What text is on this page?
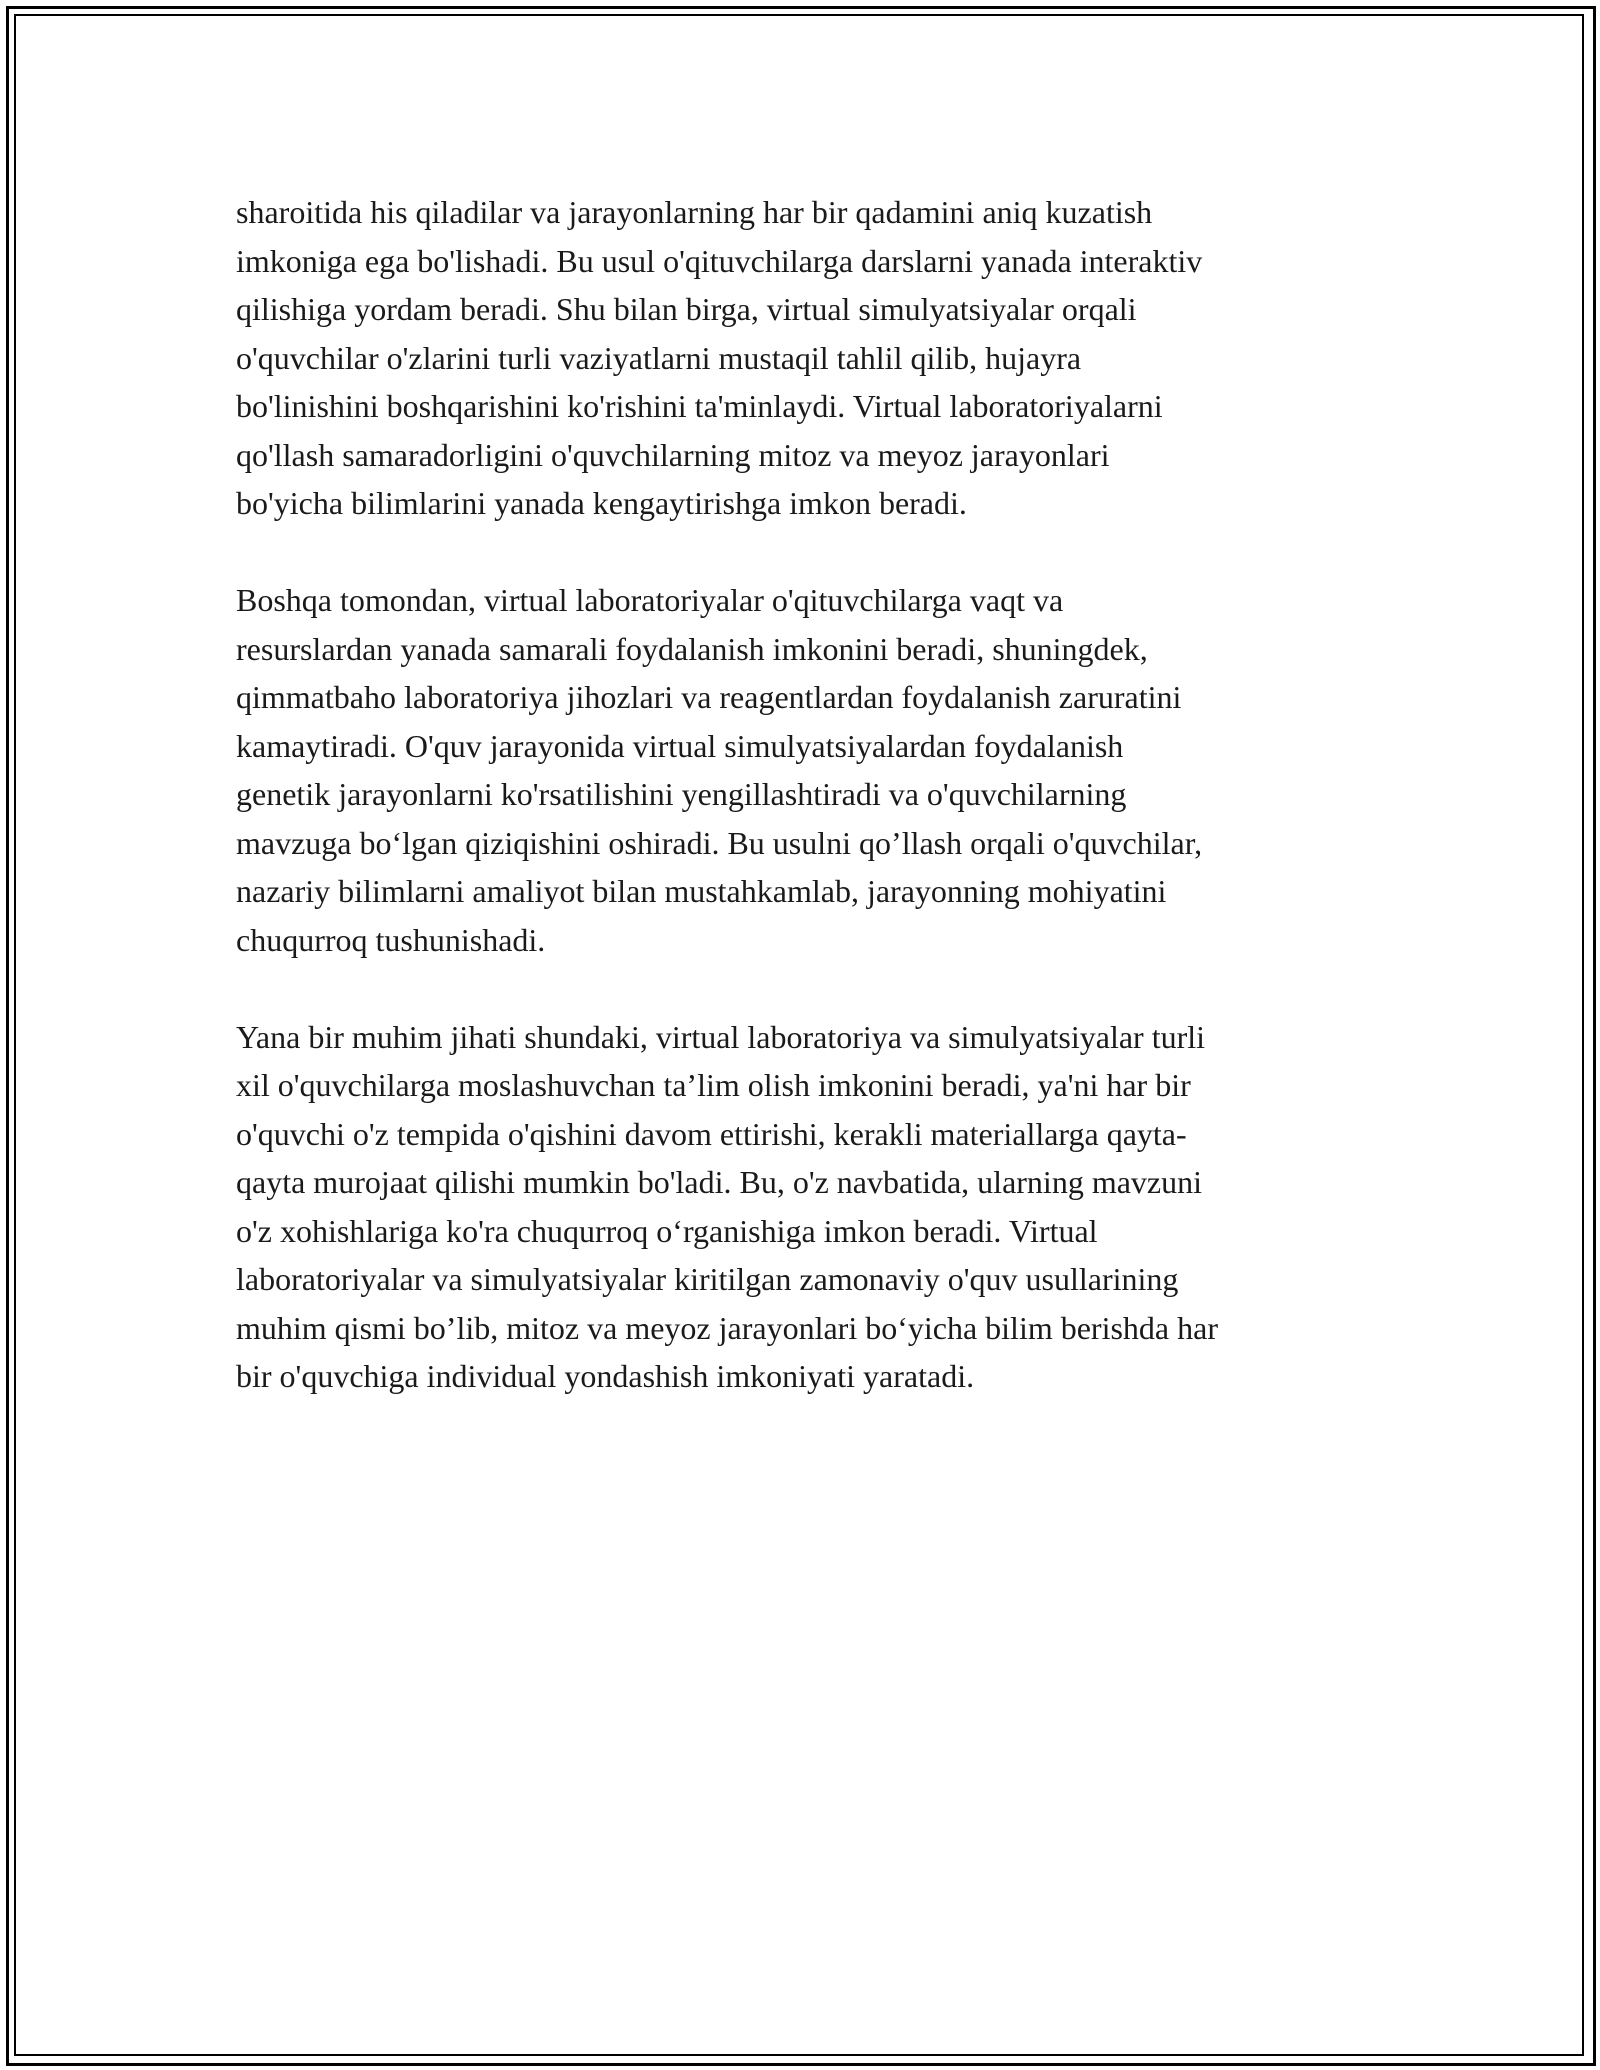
sharoitida his qiladilar va jarayonlarning har bir qadamini aniq kuzatish
imkoniga ega bo'lishadi. Bu usul o'qituvchilarga darslarni yanada interaktiv
qilishiga yordam beradi. Shu bilan birga, virtual simulyatsiyalar orqali
o'quvchilar o'zlarini turli vaziyatlarni mustaqil tahlil qilib, hujayra
bo'linishini boshqarishini ko'rishini ta'minlaydi. Virtual laboratoriyalarni
qo'llash samaradorligini o'quvchilarning mitoz va meyoz jarayonlari
bo'yicha bilimlarini yanada kengaytirishga imkon beradi.

Boshqa tomondan, virtual laboratoriyalar o'qituvchilarga vaqt va
resurslardan yanada samarali foydalanish imkonini beradi, shuningdek,
qimmatbaho laboratoriya jihozlari va reagentlardan foydalanish zaruratini
kamaytiradi. O'quv jarayonida virtual simulyatsiyalardan foydalanish
genetik jarayonlarni ko'rsatilishini yengillashtiradi va o'quvchilarning
mavzuga bo‘lgan qiziqishini oshiradi. Bu usulni qo’llash orqali o'quvchilar,
nazariy bilimlarni amaliyot bilan mustahkamlab, jarayonning mohiyatini
chuqurroq tushunishadi.

Yana bir muhim jihati shundaki, virtual laboratoriya va simulyatsiyalar turli
xil o'quvchilarga moslashuvchan ta’lim olish imkonini beradi, ya'ni har bir
o'quvchi o'z tempida o'qishini davom ettirishi, kerakli materiallarga qayta-
qayta murojaat qilishi mumkin bo'ladi. Bu, o'z navbatida, ularning mavzuni
o'z xohishlariga ko'ra chuqurroq o‘rganishiga imkon beradi. Virtual
laboratoriyalar va simulyatsiyalar kiritilgan zamonaviy o'quv usullarining
muhim qismi bo’lib, mitoz va meyoz jarayonlari bo‘yicha bilim berishda har
bir o'quvchiga individual yondashish imkoniyati yaratadi.
